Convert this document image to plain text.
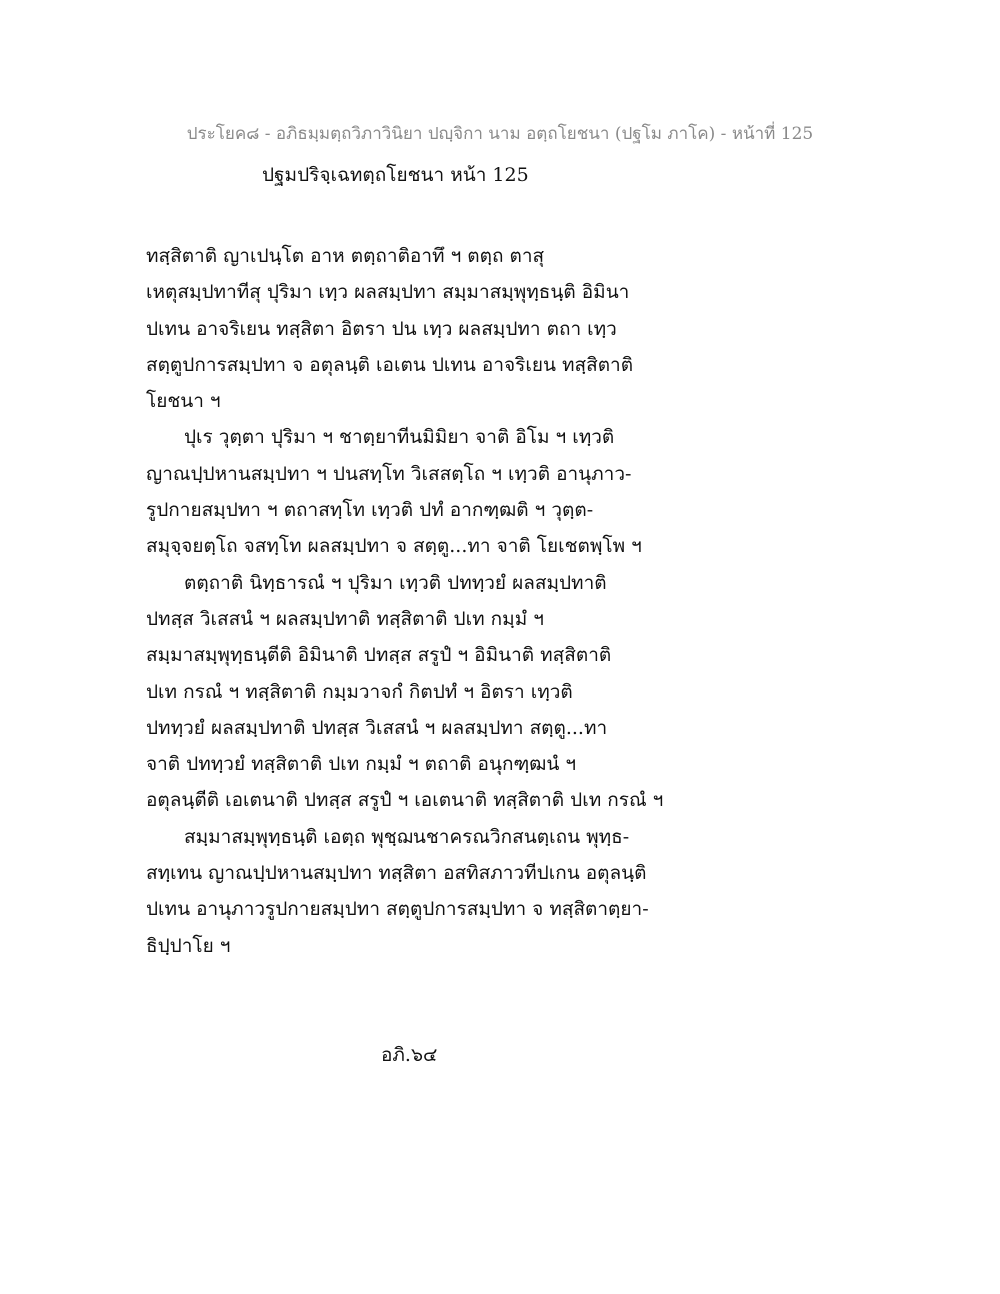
ประโยค๘ - อภิธมฺมตฺถวิภาวินิยา ปญฺจิกา นาม อตฺถโยชนา (ปฐโม ภาโค) - หน้าที่ 125
ปฐมปริจฺเฉทตฺถโยชนา หน้า 125
ทสฺสิตาติ ญาเปนฺโต อาห ตตฺถาติอาทึ ฯ ตตฺถ ตาสุ
เหตุสมฺปทาทีสุ ปุริมา เทฺว ผลสมฺปทา สมฺมาสมฺพุทฺธนฺติ อิมินา
ปเทน อาจริเยน ทสฺสิตา อิตรา ปน เทฺว ผลสมฺปทา ตถา เทฺว
สตฺตูปการสมฺปทา จ อตุลนฺติ เอเตน ปเทน อาจริเยน ทสฺสิตาติ
โยชนา ฯ
ปุเร วุตฺตา ปุริมา ฯ ชาตฺยาทีนมิมิยา จาติ อิโม ฯ เทฺวติ
ญาณปฺปหานสมฺปทา ฯ ปนสทฺโท วิเสสตฺโถ ฯ เทฺวติ อานุภาว-
รูปกายสมฺปทา ฯ ตถาสทฺโท เทฺวติ ปทํ อากฑฺฒติ ฯ วุตฺต-
สมุจฺจยตฺโถ จสทฺโท ผลสมฺปทา จ สตฺตู...ทา จาติ โยเชตพฺโพ ฯ
ตตฺถาติ นิทฺธารณํ ฯ ปุริมา เทฺวติ ปททฺวยํ ผลสมฺปทาติ
ปทสฺส วิเสสนํ ฯ ผลสมฺปทาติ ทสฺสิตาติ ปเท กมฺมํ ฯ
สมฺมาสมฺพุทฺธนฺตีติ อิมินาติ ปทสฺส สรูปํ ฯ อิมินาติ ทสฺสิตาติ
ปเท กรณํ ฯ ทสฺสิตาติ กมฺมวาจกํ กิตปทํ ฯ อิตรา เทฺวติ
ปททฺวยํ ผลสมฺปทาติ ปทสฺส วิเสสนํ ฯ ผลสมฺปทา สตฺตู...ทา
จาติ ปททฺวยํ ทสฺสิตาติ ปเท กมฺมํ ฯ ตถาติ อนุกฑฺฒนํ ฯ
อตุลนฺตีติ เอเตนาติ ปทสฺส สรูปํ ฯ เอเตนาติ ทสฺสิตาติ ปเท กรณํ ฯ
สมฺมาสมฺพุทฺธนฺติ เอตฺถ พุชฺฌนชาครณวิกสนตฺเถน พุทฺธ-
สทฺเทน ญาณปฺปหานสมฺปทา ทสฺสิตา อสทิสภาวทีปเกน อตุลนฺติ
ปเทน อานุภาวรูปกายสมฺปทา สตฺตูปการสมฺปทา จ ทสฺสิตาตฺยา-
ธิปฺปาโย ฯ
อภิ.๖๔
